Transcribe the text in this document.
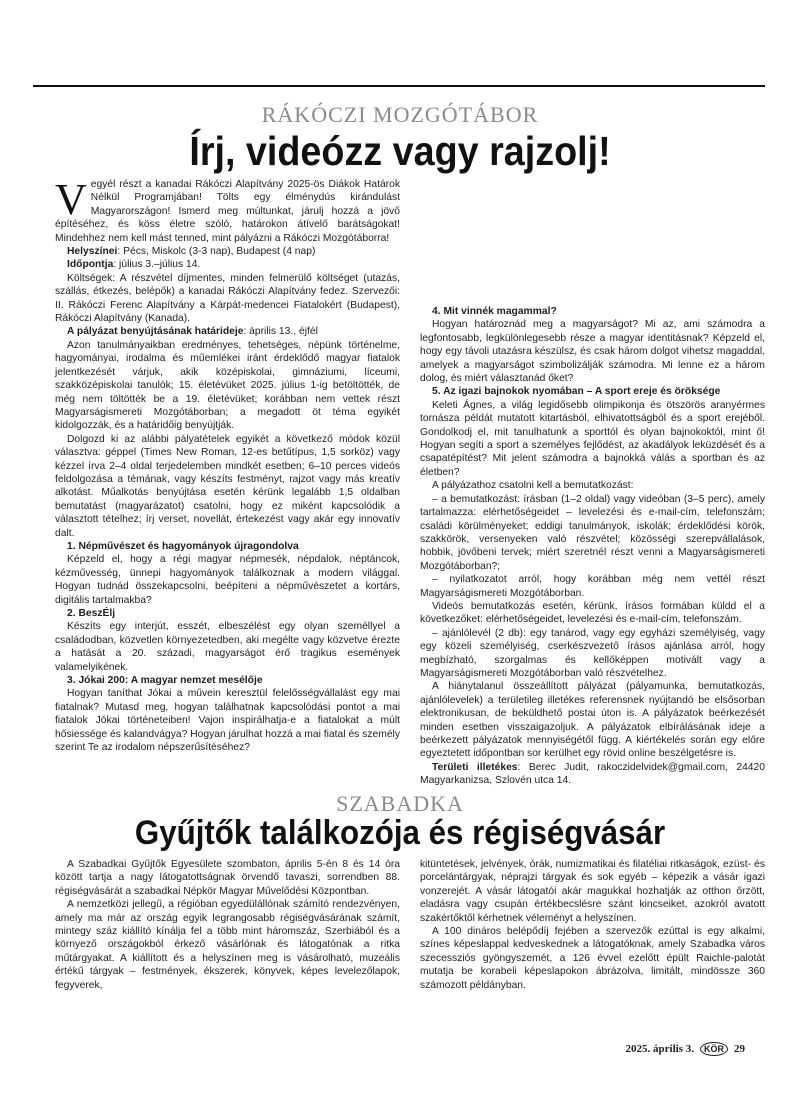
RÁKÓCZI MOZGÓTÁBOR
Írj, videózz vagy rajzolj!

Vegyél részt a kanadai Rákóczi Alapítvány 2025-ös Diákok Határok Nélkül Programjában! Tölts egy élménydús kirándulást Magyarországon! Ismerd meg múltunkat, járulj hozzá a jövő építéséhez, és köss életre szóló, határokon átívelő barátságokat! Mindehhez nem kell mást tenned, mint pályázni a Rákóczi Mozgótáborra!

Helyszínei: Pécs, Miskolc (3-3 nap), Budapest (4 nap)

Időpontja: július 3.–július 14.

Költségek: A részvétel díjmentes, minden felmerülő költséget (utazás, szállás, étkezés, belépők) a kanadai Rákóczi Alapítvány fedez. Szervezői: II. Rákóczi Ferenc Alapítvány a Kárpát-medencei Fiatalokért (Budapest), Rákóczi Alapítvány (Kanada).

A pályázat benyújtásának határideje: április 13., éjfél

Azon tanulmányaikban eredményes, tehetséges, népünk történelme, hagyományai, irodalma és műemlékei iránt érdeklődő magyar fiatalok jelentkezését várjuk, akik középiskolai, gimnáziumi, líceumi, szakközépiskolai tanulók; 15. életévüket 2025. július 1-ig betöltötték, de még nem töltötték be a 19. életévüket; korábban nem vettek részt Magyarságismereti Mozgótáborban; a megadott öt téma egyikét kidolgozzák, és a határidőig benyújtják.

Dolgozd ki az alábbi pályatételek egyikét a következő módok közül választva: géppel (Times New Roman, 12-es betűtípus, 1,5 sorköz) vagy kézzel írva 2–4 oldal terjedelemben mindkét esetben; 6–10 perces videós feldolgozása a témának, vagy készíts festményt, rajzot vagy más kreatív alkotást. Műalkotás benyújtása esetén kérünk legalább 1,5 oldalban bemutatást (magyarázatot) csatolni, hogy ez miként kapcsolódik a választott tételhez; írj verset, novellát, értekezést vagy akár egy innovatív dalt.

1. Népművészet és hagyományok újragondolva

Képzeld el, hogy a régi magyar népmesék, népdalok, néptáncok, kézművesség, ünnepi hagyományok találkoznak a modern világgal. Hogyan tudnád összekapcsolni, beépíteni a népművészetet a kortárs, digitális tartalmakba?

2. BeszÉlj

Készíts egy interjút, esszét, elbeszélést egy olyan személlyel a családodban, közvetlen környezetedben, aki megélte vagy közvetve érezte a hatását a 20. századi, magyarságot érő tragikus események valamelyikének.

3. Jókai 200: A magyar nemzet mesélője

Hogyan taníthat Jókai a művein keresztül felelősségvállalást egy mai fiatalnak? Mutasd meg, hogyan találhatnak kapcsolódási pontot a mai fiatalok Jókai történeteiben! Vajon inspirálhatja-e a fiatalokat a múlt hősiessége és kalandvágya? Hogyan járulhat hozzá a mai fiatal és személy szerint Te az irodalom népszerűsítéséhez?

4. Mit vinnék magammal?

Hogyan határoznád meg a magyarságot? Mi az, ami számodra a legfontosabb, legkülönlegesebb része a magyar identitásnak? Képzeld el, hogy egy távoli utazásra készülsz, és csak három dolgot vihetsz magaddal, amelyek a magyarságot szimbolizálják számodra. Mi lenne ez a három dolog, és miért választanád őket?

5. Az igazi bajnokok nyomában – A sport ereje és öröksége

Keleti Ágnes, a világ legidősebb olimpikonja és ötszörös aranyérmes tornásza példát mutatott kitartásból, elhivatottságból és a sport erejéből. Gondolkodj el, mit tanulhatunk a sporttól és olyan bajnokoktól, mint ő! Hogyan segíti a sport a személyes fejlődést, az akadályok leküzdését és a csapatépítést? Mit jelent számodra a bajnokká válás a sportban és az életben?

A pályázathoz csatolni kell a bemutatkozást:

– a bemutatkozást: írásban (1–2 oldal) vagy videóban (3–5 perc), amely tartalmazza: elérhetőségeidet – levelezési és e-mail-cím, telefonszám; családi körülményeket; eddigi tanulmányok, iskolák; érdeklődési körök, szakkörök, versenyeken való részvétel; közösségi szerepvállalások, hobbik, jövőbeni tervek; miért szeretnél részt venni a Magyarságismereti Mozgótáborban?;

– nyilatkozatot arról, hogy korábban még nem vettél részt Magyarságismereti Mozgótáborban.

Videós bemutatkozás esetén, kérünk, írásos formában küldd el a következőket: elérhetőségeidet, levelezési és e-mail-cím, telefonszám.

– ajánlólevél (2 db): egy tanárod, vagy egy egyházi személyiség, vagy egy közeli személyiség, cserkészvezető írásos ajánlása arról, hogy megbízható, szorgalmas és kellőképpen motivált vagy a Magyarságismereti Mozgótáborban való részvételhez.

A hiánytalanul összeállított pályázat (pályamunka, bemutatkozás, ajánlólevelek) a területileg illetékes referensnek nyújtandó be elsősorban elektronikusan, de beküldhető postai úton is. A pályázatok beérkezését minden esetben visszaigazoljuk. A pályázatok elbírálásának ideje a beérkezett pályázatok mennyiségétől függ. A kiértékelés során egy előre egyeztetett időpontban sor kerülhet egy rövid online beszélgetésre is.

Területi illetékes: Berec Judit, rakoczidelvidek@gmail.com, 24420 Magyarkanizsa, Szlovén utca 14.

SZABADKA
Gyűjtők találkozója és régiségvásár

A Szabadkai Gyűjtők Egyesülete szombaton, április 5-én 8 és 14 óra között tartja a nagy látogatottságnak örvendő tavaszi, sorrendben 88. régiségvásárát a szabadkai Népkör Magyar Művelődési Központban.

A nemzetközi jellegű, a régióban egyedülállónak számító rendezvényen, amely ma már az ország egyik legrangosabb régiségvásárának számít, mintegy száz kiállító kínálja fel a több mint háromszáz, Szerbiából és a környező országokból érkező vásárlónak és látogatónak a ritka műtárgyakat. A kiállított és a helyszínen meg is vásárolható, muzeális értékű tárgyak – festmények, ékszerek, könyvek, képes levelezőlapok, fegyverek,

kitüntetések, jelvények, órák, numizmatikai és filatéliai ritkaságok, ezüst- és porcelántárgyak, néprajzi tárgyak és sok egyéb – képezik a vásár igazi vonzerejét. A vásár látogatói akár magukkal hozhatják az otthon őrzött, eladásra vagy csupán értékbecslésre szánt kincseiket, azokról avatott szakértőktől kérhetnek véleményt a helyszínen.

A 100 dináros belépődíj fejében a szervezők ezúttal is egy alkalmi, színes képeslappal kedveskednek a látogatóknak, amely Szabadka város szecessziós gyöngyszemét, a 126 évvel ezelőtt épült Raichle-palotát mutatja be korabeli képeslapokon ábrázolva, limitált, mindössze 360 számozott példányban.

2025. április 3.	KÖR 29
